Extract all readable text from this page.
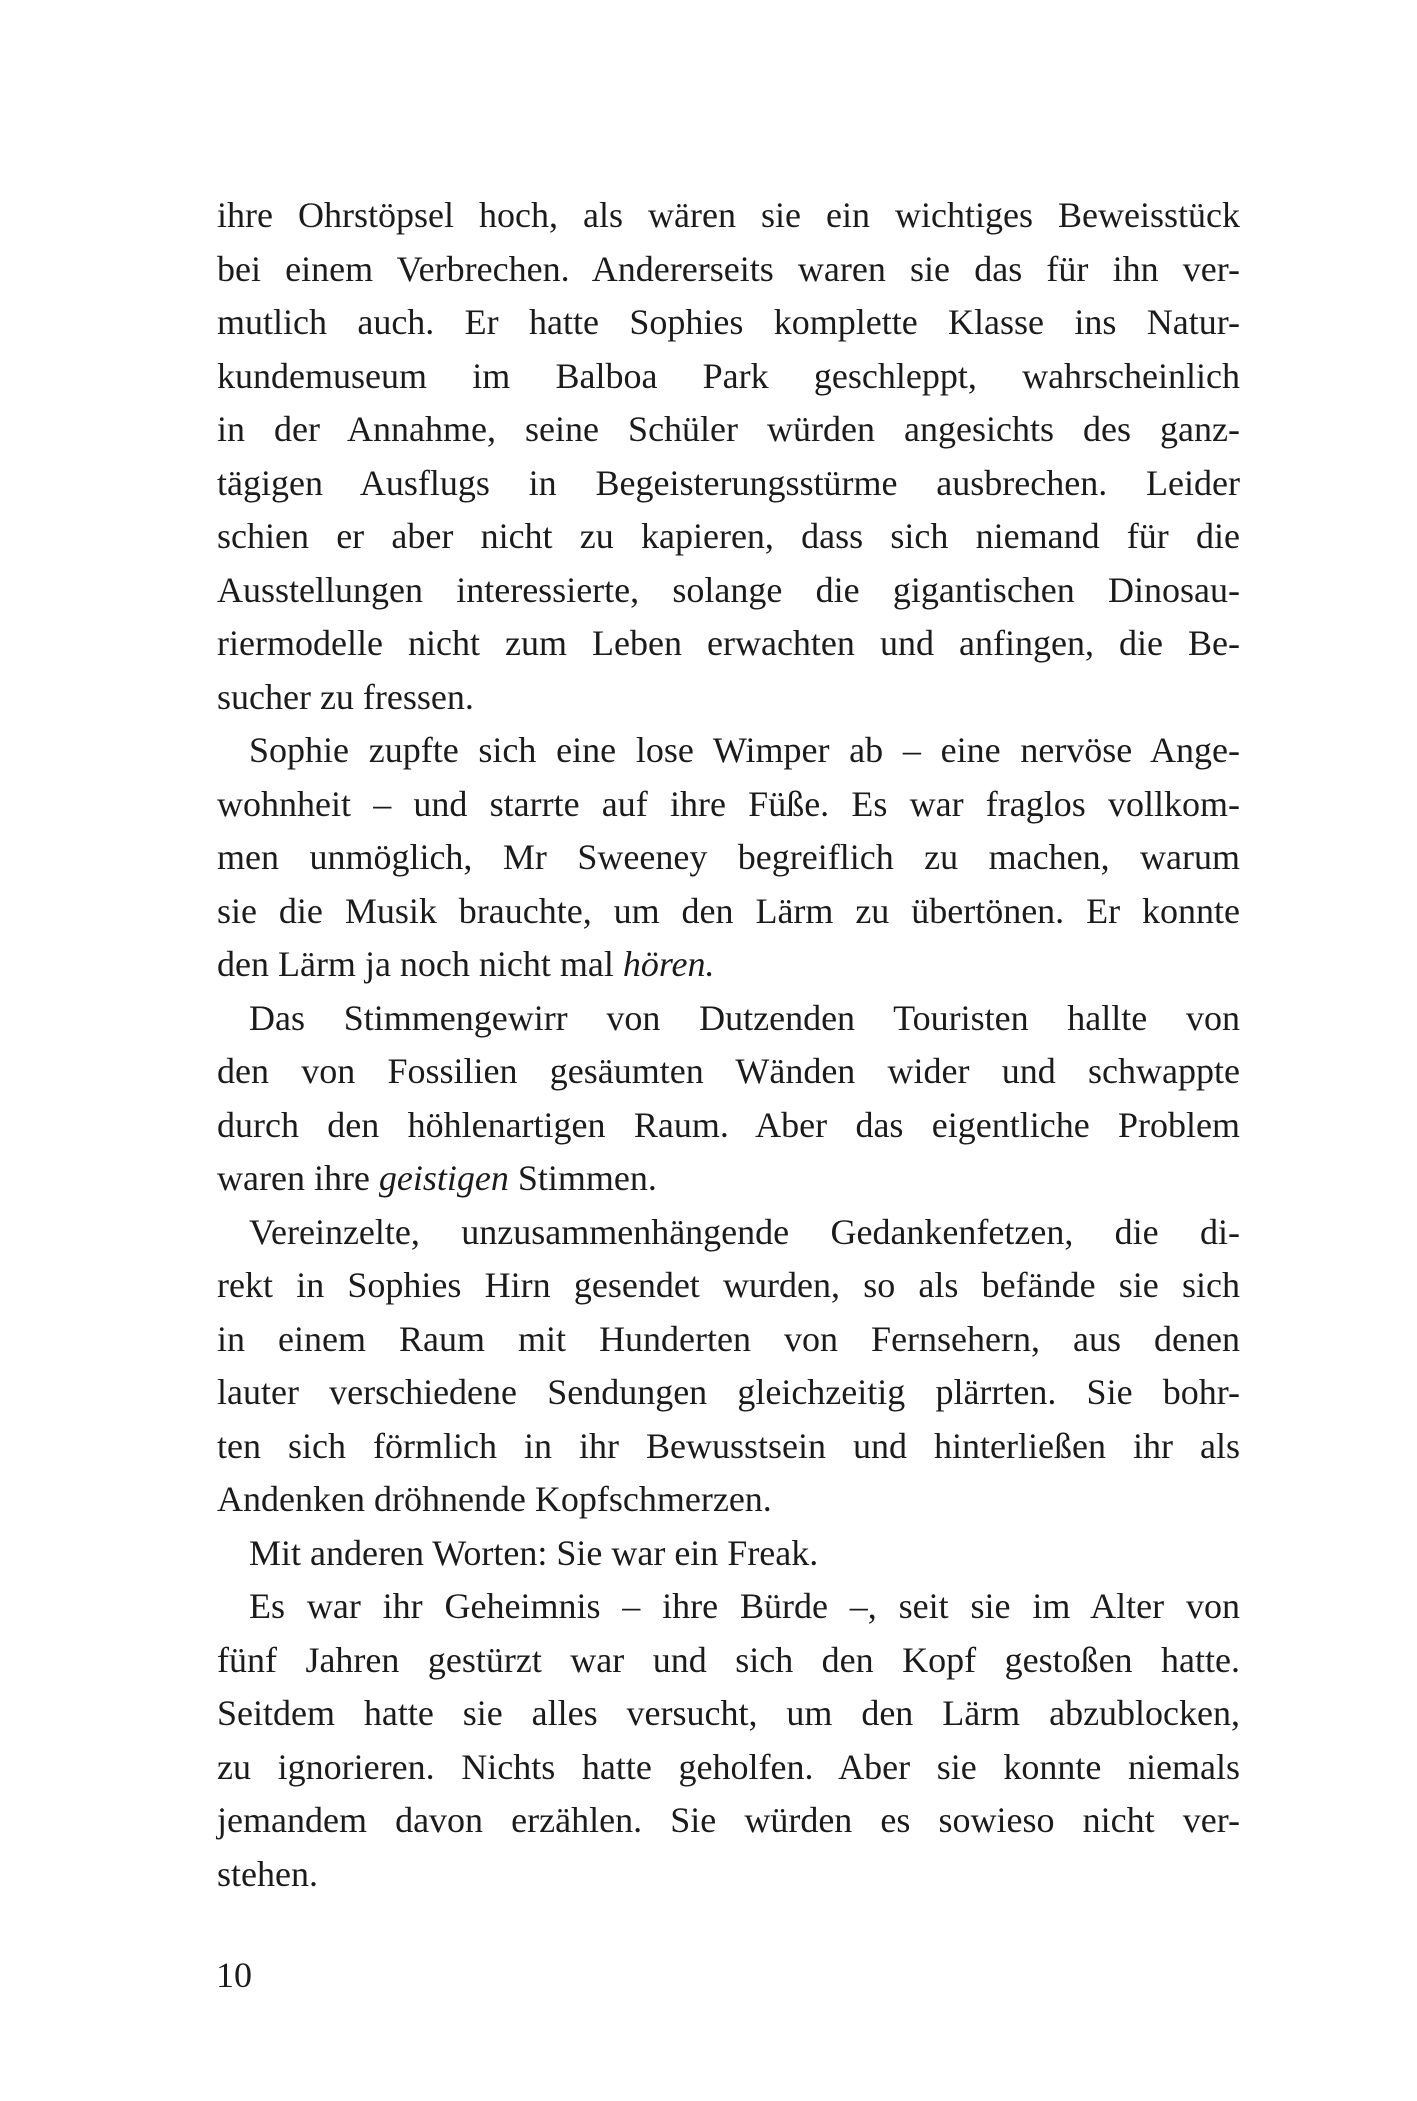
ihre Ohrstöpsel hoch, als wären sie ein wichtiges Beweisstück
bei einem Verbrechen. Andererseits waren sie das für ihn ver-
mutlich auch. Er hatte Sophies komplette Klasse ins Natur-
kundemuseum im Balboa Park geschleppt, wahrscheinlich
in der Annahme, seine Schüler würden angesichts des ganz-
tägigen Ausflugs in Begeisterungsstürme ausbrechen. Leider
schien er aber nicht zu kapieren, dass sich niemand für die
Ausstellungen interessierte, solange die gigantischen Dinosau-
riermodelle nicht zum Leben erwachten und anfingen, die Be-
sucher zu fressen.
Sophie zupfte sich eine lose Wimper ab – eine nervöse Ange-
wohnheit – und starrte auf ihre Füße. Es war fraglos vollkom-
men unmöglich, Mr Sweeney begreiflich zu machen, warum
sie die Musik brauchte, um den Lärm zu übertönen. Er konnte
den Lärm ja noch nicht mal hören.
Das Stimmengewirr von Dutzenden Touristen hallte von
den von Fossilien gesäumten Wänden wider und schwappte
durch den höhlenartigen Raum. Aber das eigentliche Problem
waren ihre geistigen Stimmen.
Vereinzelte, unzusammenhängende Gedankenfetzen, die di-
rekt in Sophies Hirn gesendet wurden, so als befände sie sich
in einem Raum mit Hunderten von Fernsehern, aus denen
lauter verschiedene Sendungen gleichzeitig plärrten. Sie bohr-
ten sich förmlich in ihr Bewusstsein und hinterließen ihr als
Andenken dröhnende Kopfschmerzen.
Mit anderen Worten: Sie war ein Freak.
Es war ihr Geheimnis – ihre Bürde –, seit sie im Alter von
fünf Jahren gestürzt war und sich den Kopf gestoßen hatte.
Seitdem hatte sie alles versucht, um den Lärm abzublocken,
zu ignorieren. Nichts hatte geholfen. Aber sie konnte niemals
jemandem davon erzählen. Sie würden es sowieso nicht ver-
stehen.
10
